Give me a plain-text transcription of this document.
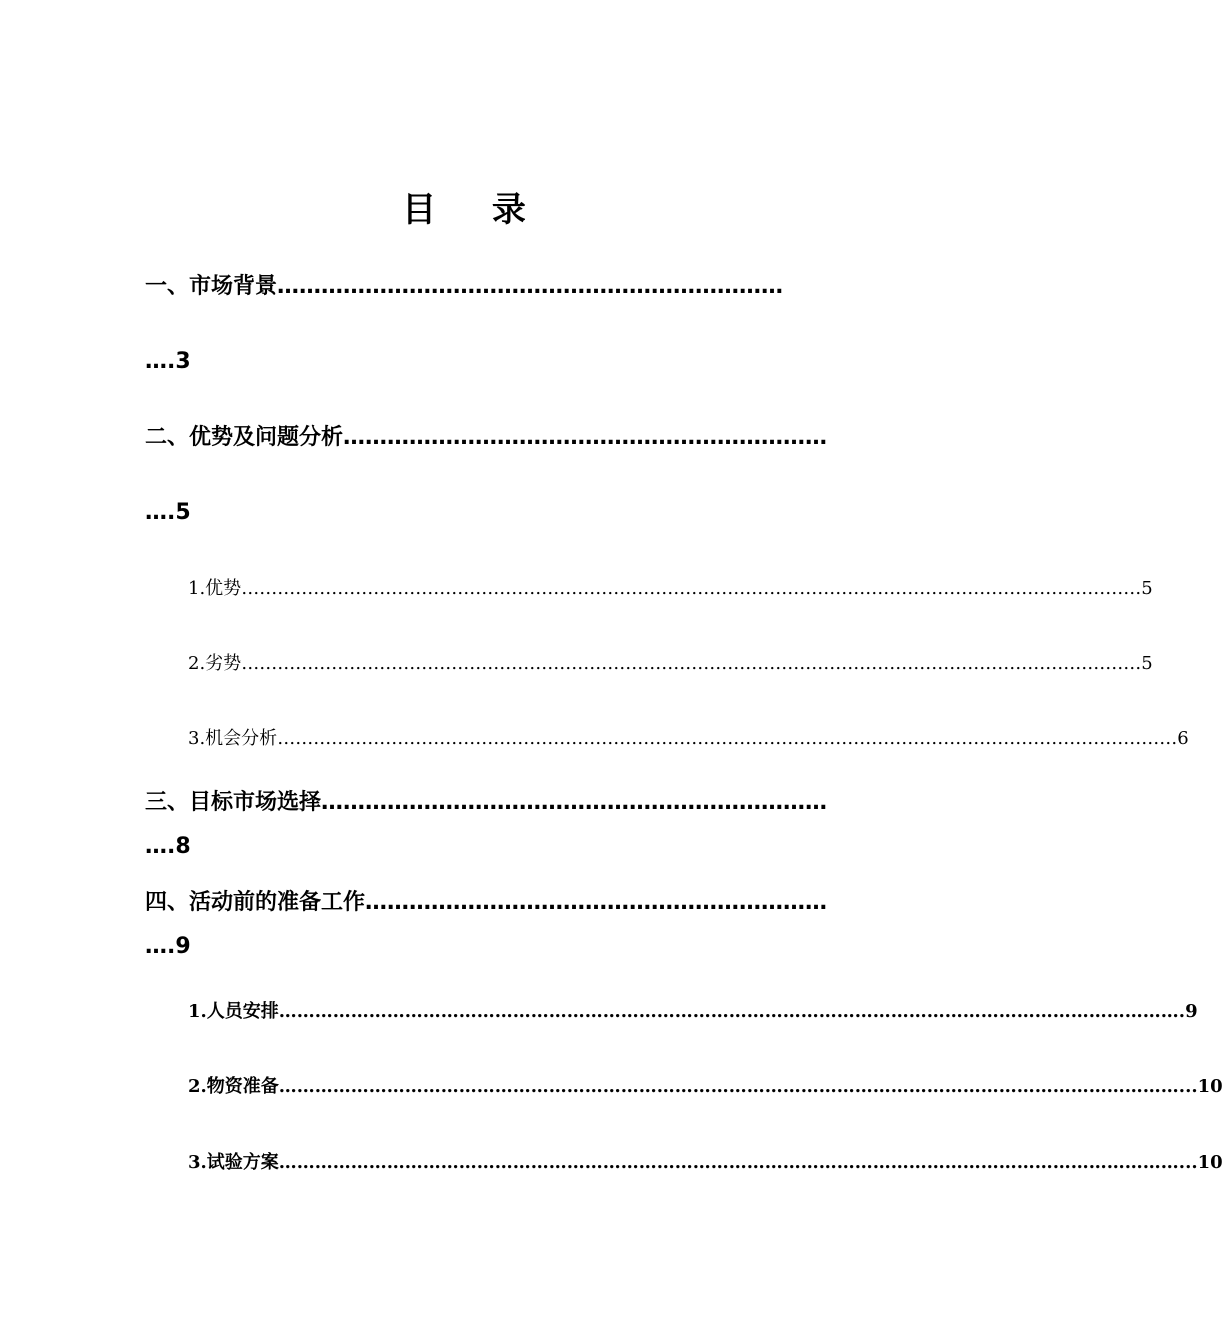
目 录
一、市场背景……………………………………………………………
….3
二、优势及问题分析…………………………………………………………
….5
1.优势 …………………………………………………………………………………………………………………………………… 5
2.劣势 …………………………………………………………………………………………………………………………………… 5
3.机会分析 …………………………………………………………………………………………………………………………………… 6
三、目标市场选择……………………………………………………………
….8
四、活动前的准备工作………………………………………………………
….9
1.人员安排 …………………………………………………………………………………………………………………………………… .9
2.物资准备 …………………………………………………………………………………………………………………………………… ...10
3.试验方案 …………………………………………………………………………………………………………………………………… ...10
